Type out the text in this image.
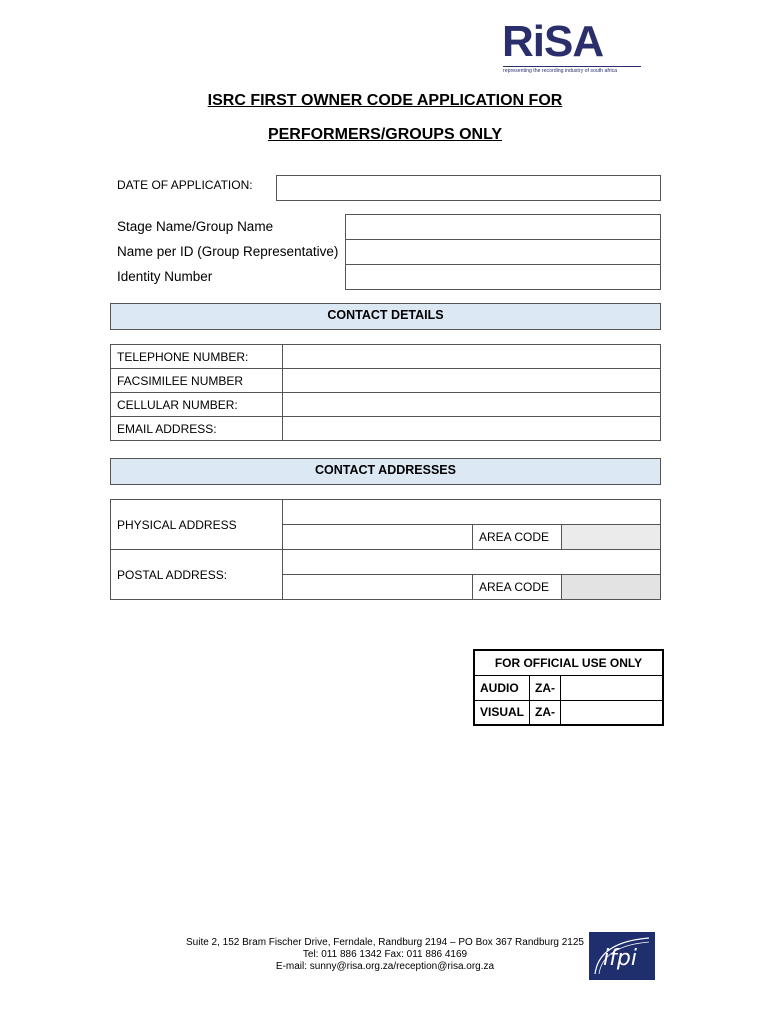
RiSA
representing the recording industry of south africa
ISRC FIRST OWNER CODE APPLICATION FOR
PERFORMERS/GROUPS ONLY
DATE OF APPLICATION:
Stage Name/Group Name
Name per ID (Group Representative)
Identity Number
CONTACT DETAILS
TELEPHONE NUMBER:	
FACSIMILEE NUMBER	
CELLULAR NUMBER:	
EMAIL ADDRESS:	
CONTACT ADDRESSES
PHYSICAL ADDRESS			
		AREA CODE	
POSTAL ADDRESS:			
		AREA CODE	
FOR OFFICIAL USE ONLY		
AUDIO	ZA-	
VISUAL	ZA-	
Suite 2, 152 Bram Fischer Drive, Ferndale, Randburg 2194 – PO Box 367 Randburg 2125
Tel: 011 886 1342 Fax: 011 886 4169
E-mail: sunny@risa.org.za/reception@risa.org.za	ifpi
